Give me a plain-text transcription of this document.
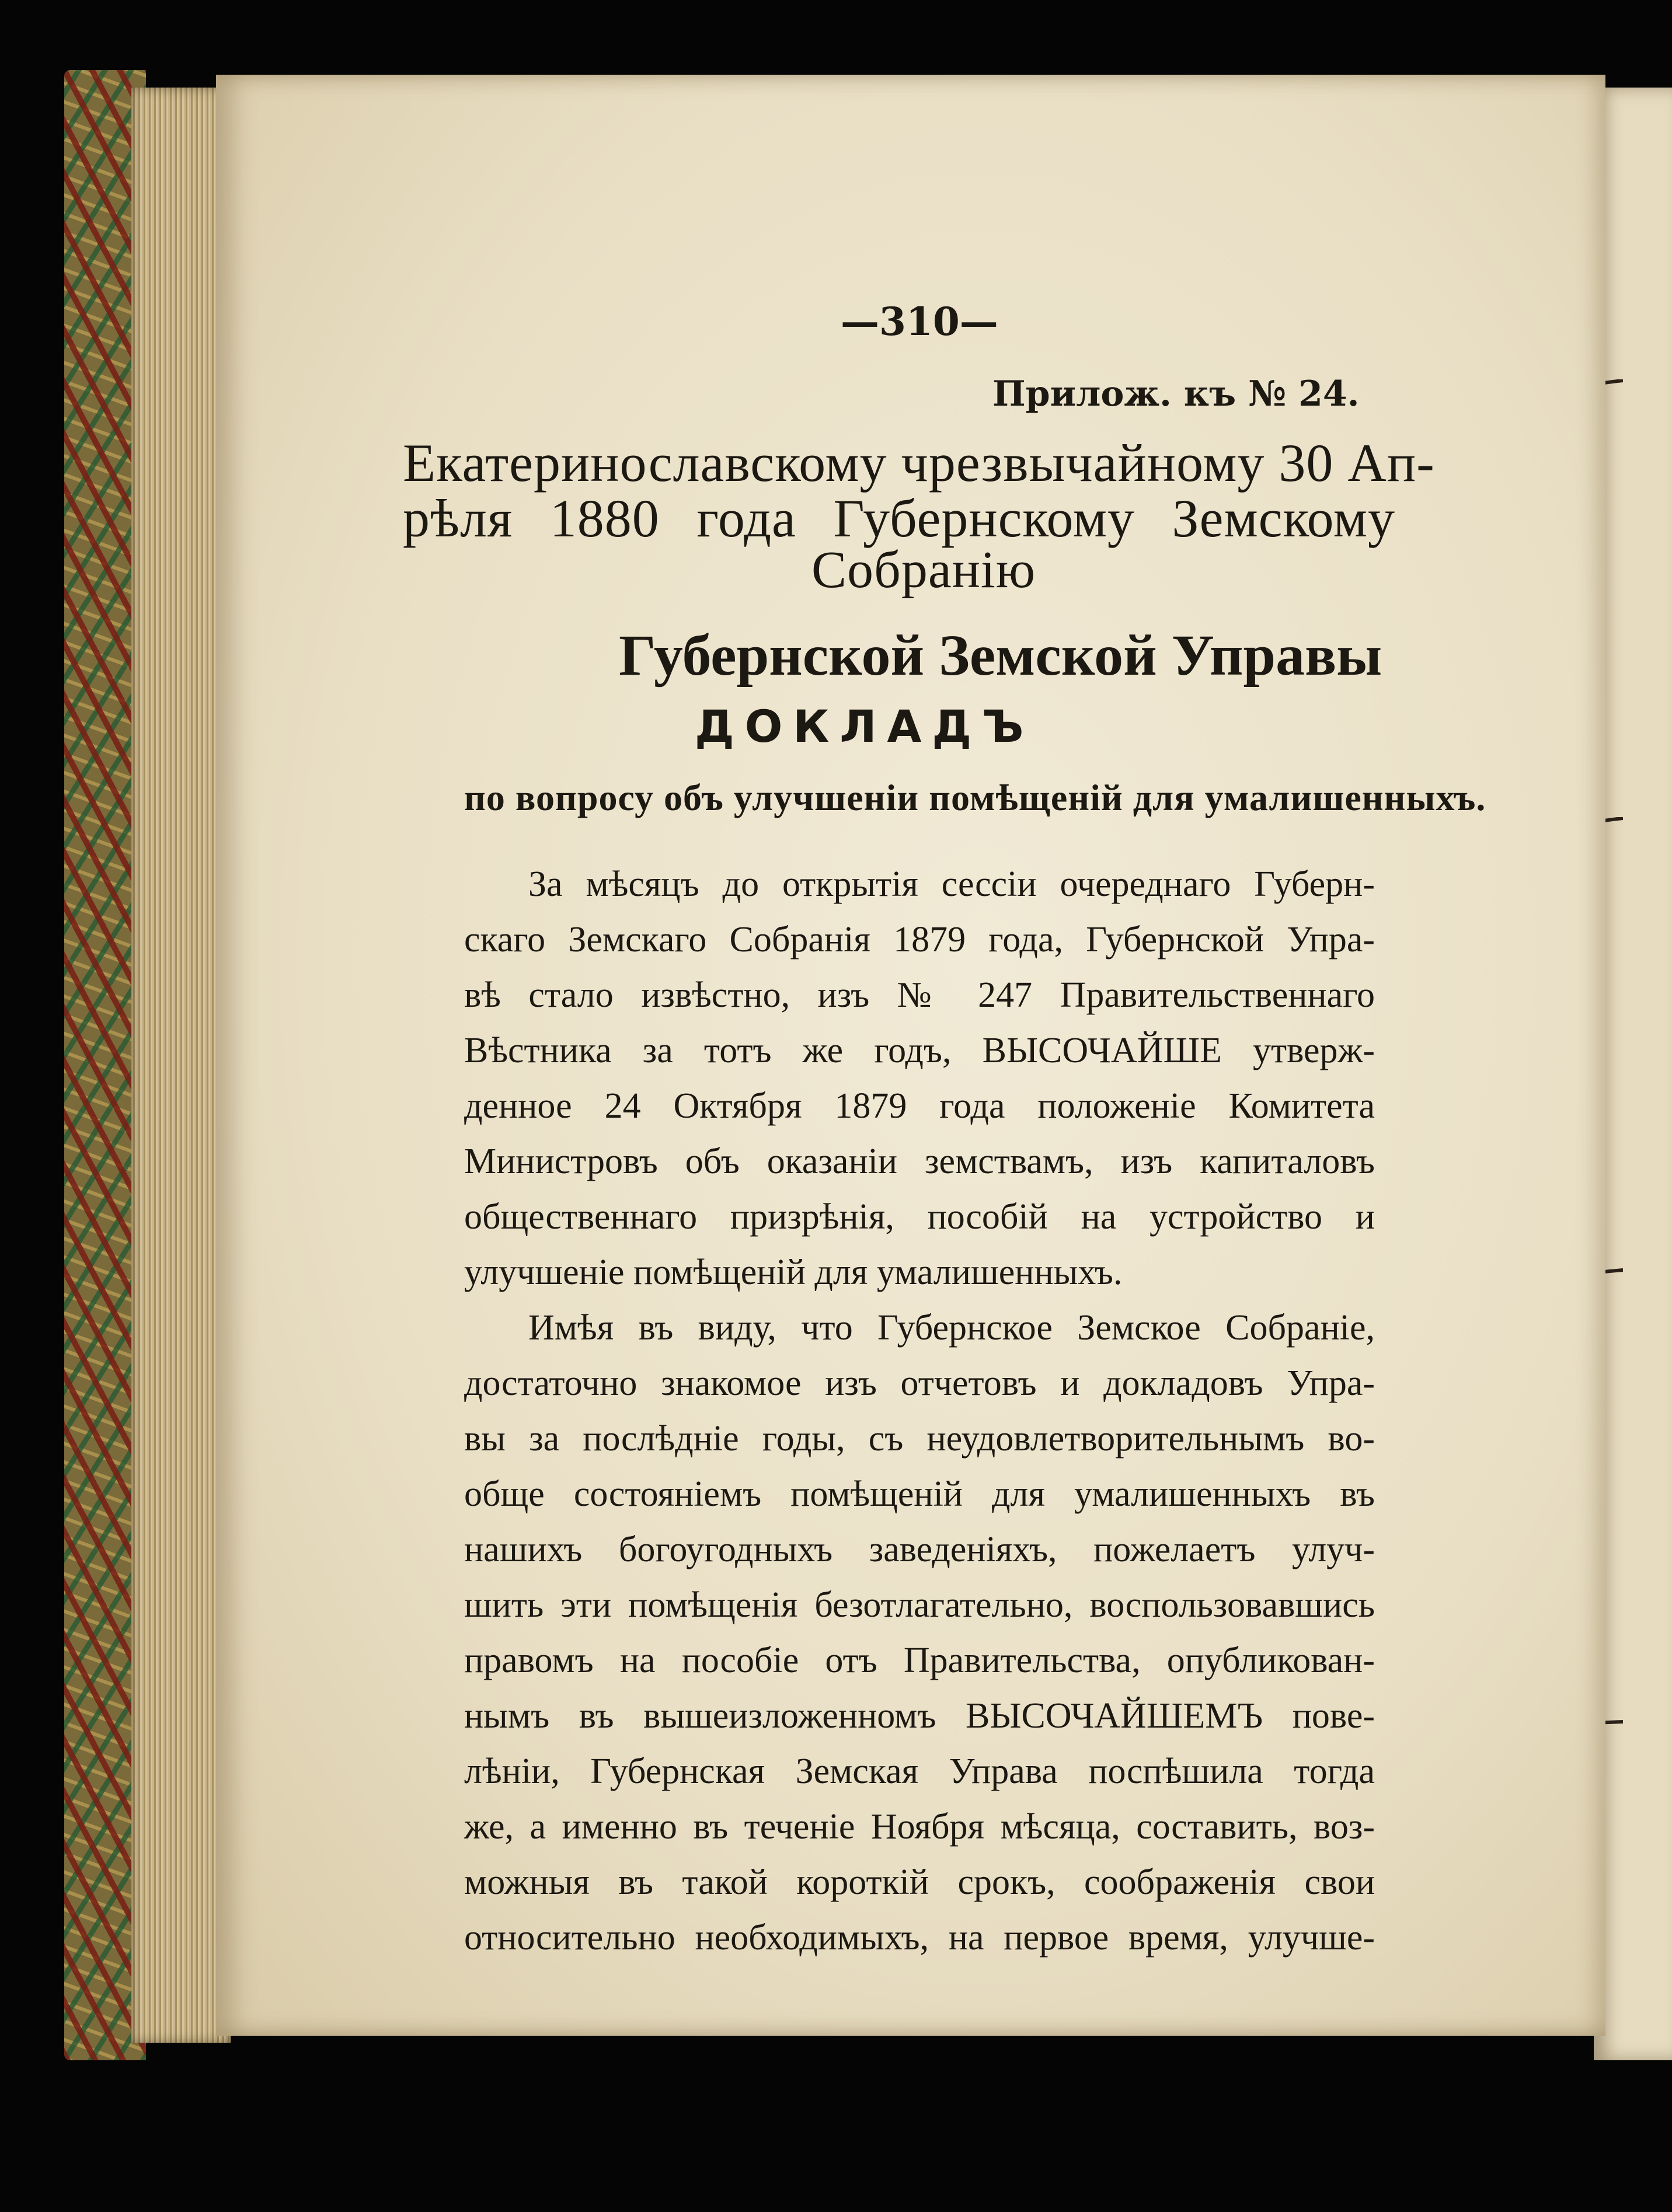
—310—
Прилож. къ № 24.
Екатеринославскому чрезвычайному 30 Ап-
рѣля 1880 года Губернскому Земскому
Собранію
Губернской Земской Управы
ДОКЛАДЪ
по вопросу объ улучшеніи помѣщеній для умалишенныхъ.
За мѣсяцъ до открытія сессіи очереднаго Губерн-
скаго Земскаго Собранія 1879 года, Губернской Упра-
вѣ стало извѣстно, изъ № 247 Правительственнаго
Вѣстника за тотъ же годъ, ВЫСОЧАЙШЕ утверж-
денное 24 Октября 1879 года положеніе Комитета
Министровъ объ оказаніи земствамъ, изъ капиталовъ
общественнаго призрѣнія, пособій на устройство и
улучшеніе помѣщеній для умалишенныхъ.
Имѣя въ виду, что Губернское Земское Собраніе,
достаточно знакомое изъ отчетовъ и докладовъ Упра-
вы за послѣдніе годы, съ неудовлетворительнымъ во-
обще состояніемъ помѣщеній для умалишенныхъ въ
нашихъ богоугодныхъ заведеніяхъ, пожелаетъ улуч-
шить эти помѣщенія безотлагательно, воспользовавшись
правомъ на пособіе отъ Правительства, опубликован-
нымъ въ вышеизложенномъ ВЫСОЧАЙШЕМЪ пове-
лѣніи, Губернская Земская Управа поспѣшила тогда
же, а именно въ теченіе Ноября мѣсяца, составить, воз-
можныя въ такой короткій срокъ, соображенія свои
относительно необходимыхъ, на первое время, улучше-
